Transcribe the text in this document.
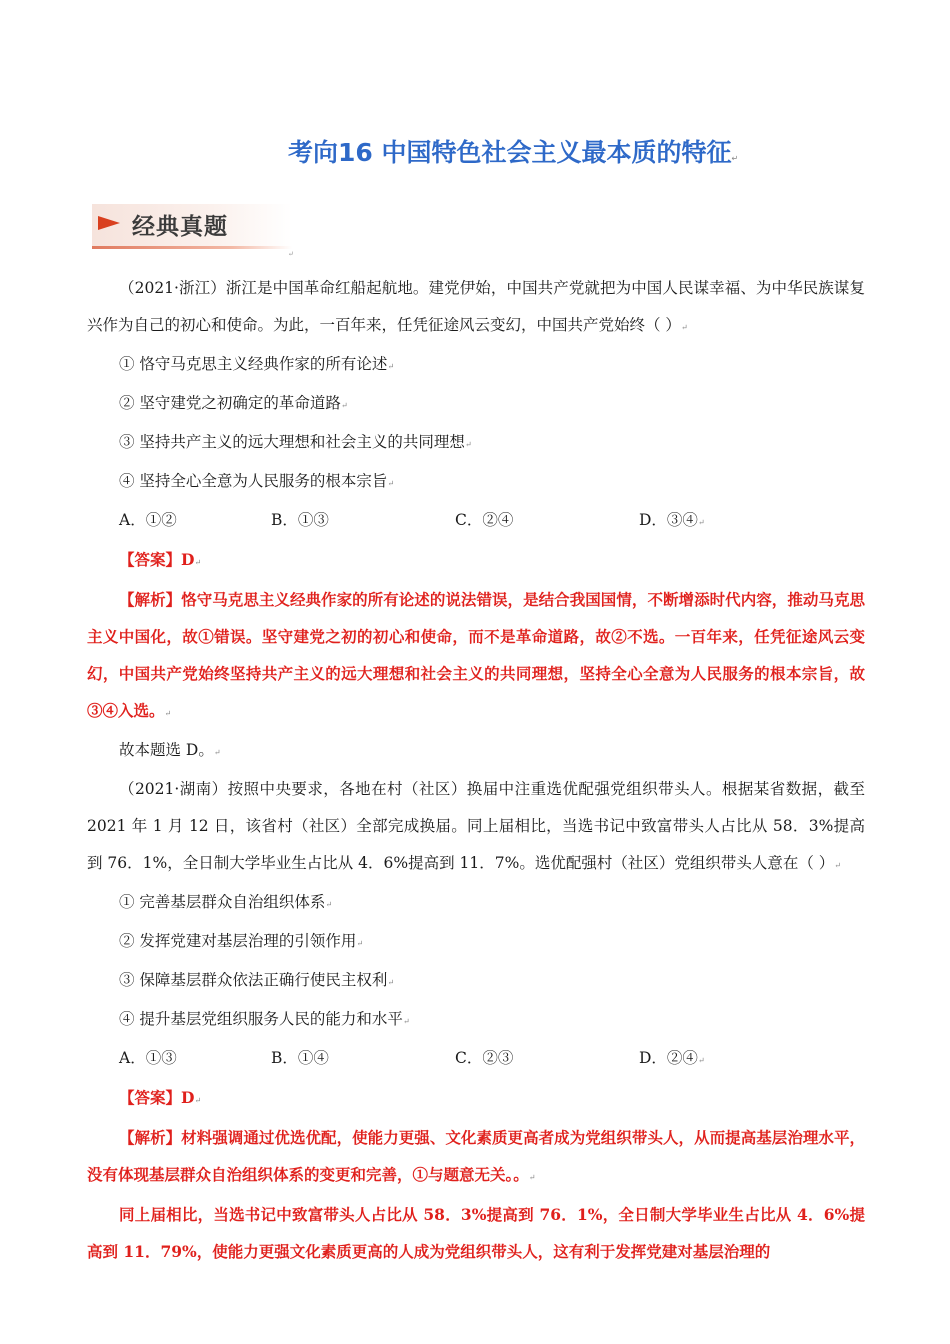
考向16 中国特色社会主义最本质的特征↵
经典真题
↵

（2021·浙江）浙江是中国革命红船起航地。建党伊始，中国共产党就把为中国人民谋幸福、为中华民族谋复兴作为自己的初心和使命。为此，一百年来，任凭征途风云变幻，中国共产党始终（ ）↵

① 恪守马克思主义经典作家的所有论述↵

② 坚守建党之初确定的革命道路↵

③ 坚持共产主义的远大理想和社会主义的共同理想↵

④ 坚持全心全意为人民服务的根本宗旨↵

A．①②	B．①③	C．②④	D．③④↵

【答案】D↵

【解析】恪守马克思主义经典作家的所有论述的说法错误，是结合我国国情，不断增添时代内容，推动马克思主义中国化，故①错误。坚守建党之初的初心和使命，而不是革命道路，故②不选。一百年来，任凭征途风云变幻，中国共产党始终坚持共产主义的远大理想和社会主义的共同理想，坚持全心全意为人民服务的根本宗旨，故③④入选。↵

故本题选 D。↵

（2021·湖南）按照中央要求，各地在村（社区）换届中注重选优配强党组织带头人。根据某省数据，截至 2021 年 1 月 12 日，该省村（社区）全部完成换届。同上届相比，当选书记中致富带头人占比从 58．3%提高到 76．1%，全日制大学毕业生占比从 4．6%提高到 11．7%。选优配强村（社区）党组织带头人意在（ ）↵

① 完善基层群众自治组织体系↵

② 发挥党建对基层治理的引领作用↵

③ 保障基层群众依法正确行使民主权利↵

④ 提升基层党组织服务人民的能力和水平↵

A．①③	B．①④	C．②③	D．②④↵

【答案】D↵

【解析】材料强调通过优选优配，使能力更强、文化素质更高者成为党组织带头人，从而提高基层治理水平，没有体现基层群众自治组织体系的变更和完善，①与题意无关。。↵

同上届相比，当选书记中致富带头人占比从 58．3%提高到 76．1%，全日制大学毕业生占比从 4．6%提高到 11．79%，使能力更强文化素质更高的人成为党组织带头人，这有利于发挥党建对基层治理的
